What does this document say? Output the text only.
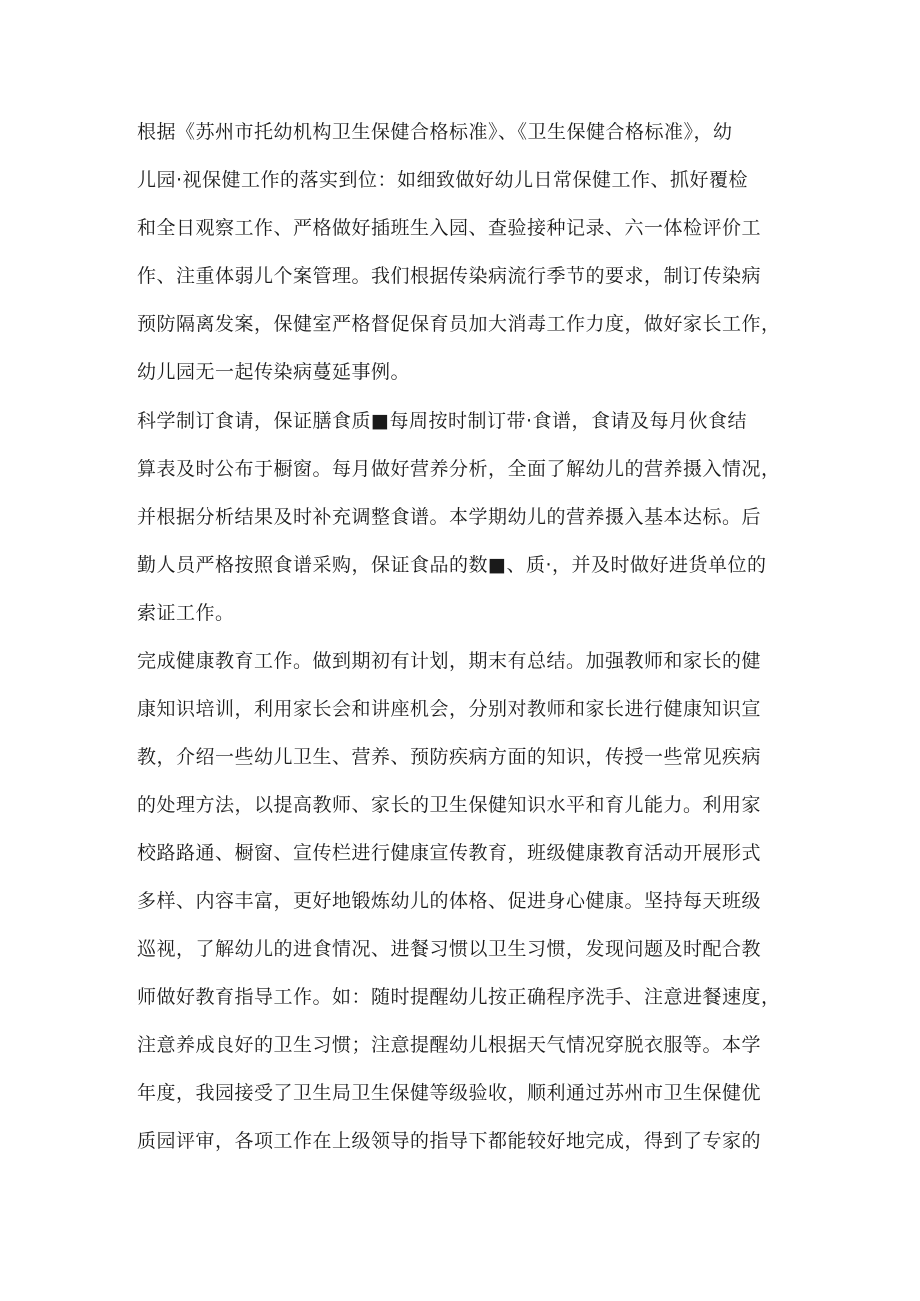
根据《苏州市托幼机构卫生保健合格标准》、《卫生保健合格标准》，幼
儿园·视保健工作的落实到位：如细致做好幼儿日常保健工作、抓好覆检
和全日观察工作、严格做好插班生入园、查验接种记录、六一体检评价工
作、注重体弱儿个案管理。我们根据传染病流行季节的要求，制订传染病
预防隔离发案，保健室严格督促保育员加大消毒工作力度，做好家长工作，
幼儿园无一起传染病蔓延事例。
科学制订食请，保证膳食质■每周按时制订带·食谱，食请及每月伙食结
算表及时公布于橱窗。每月做好营养分析，全面了解幼儿的营养摄入情况，
并根据分析结果及时补充调整食谱。本学期幼儿的营养摄入基本达标。后
勤人员严格按照食谱采购，保证食品的数■、质·，并及时做好进货单位的
索证工作。
完成健康教育工作。做到期初有计划，期末有总结。加强教师和家长的健
康知识培训，利用家长会和讲座机会，分别对教师和家长进行健康知识宣
教，介绍一些幼儿卫生、营养、预防疾病方面的知识，传授一些常见疾病
的处理方法，以提高教师、家长的卫生保健知识水平和育儿能力。利用家
校路路通、橱窗、宣传栏进行健康宣传教育，班级健康教育活动开展形式
多样、内容丰富，更好地锻炼幼儿的体格、促进身心健康。坚持每天班级
巡视，了解幼儿的进食情况、进餐习惯以卫生习惯，发现问题及时配合教
师做好教育指导工作。如：随时提醒幼儿按正确程序洗手、注意进餐速度，
注意养成良好的卫生习惯；注意提醒幼儿根据天气情况穿脱衣服等。本学
年度，我园接受了卫生局卫生保健等级验收，顺利通过苏州市卫生保健优
质园评审，各项工作在上级领导的指导下都能较好地完成，得到了专家的
